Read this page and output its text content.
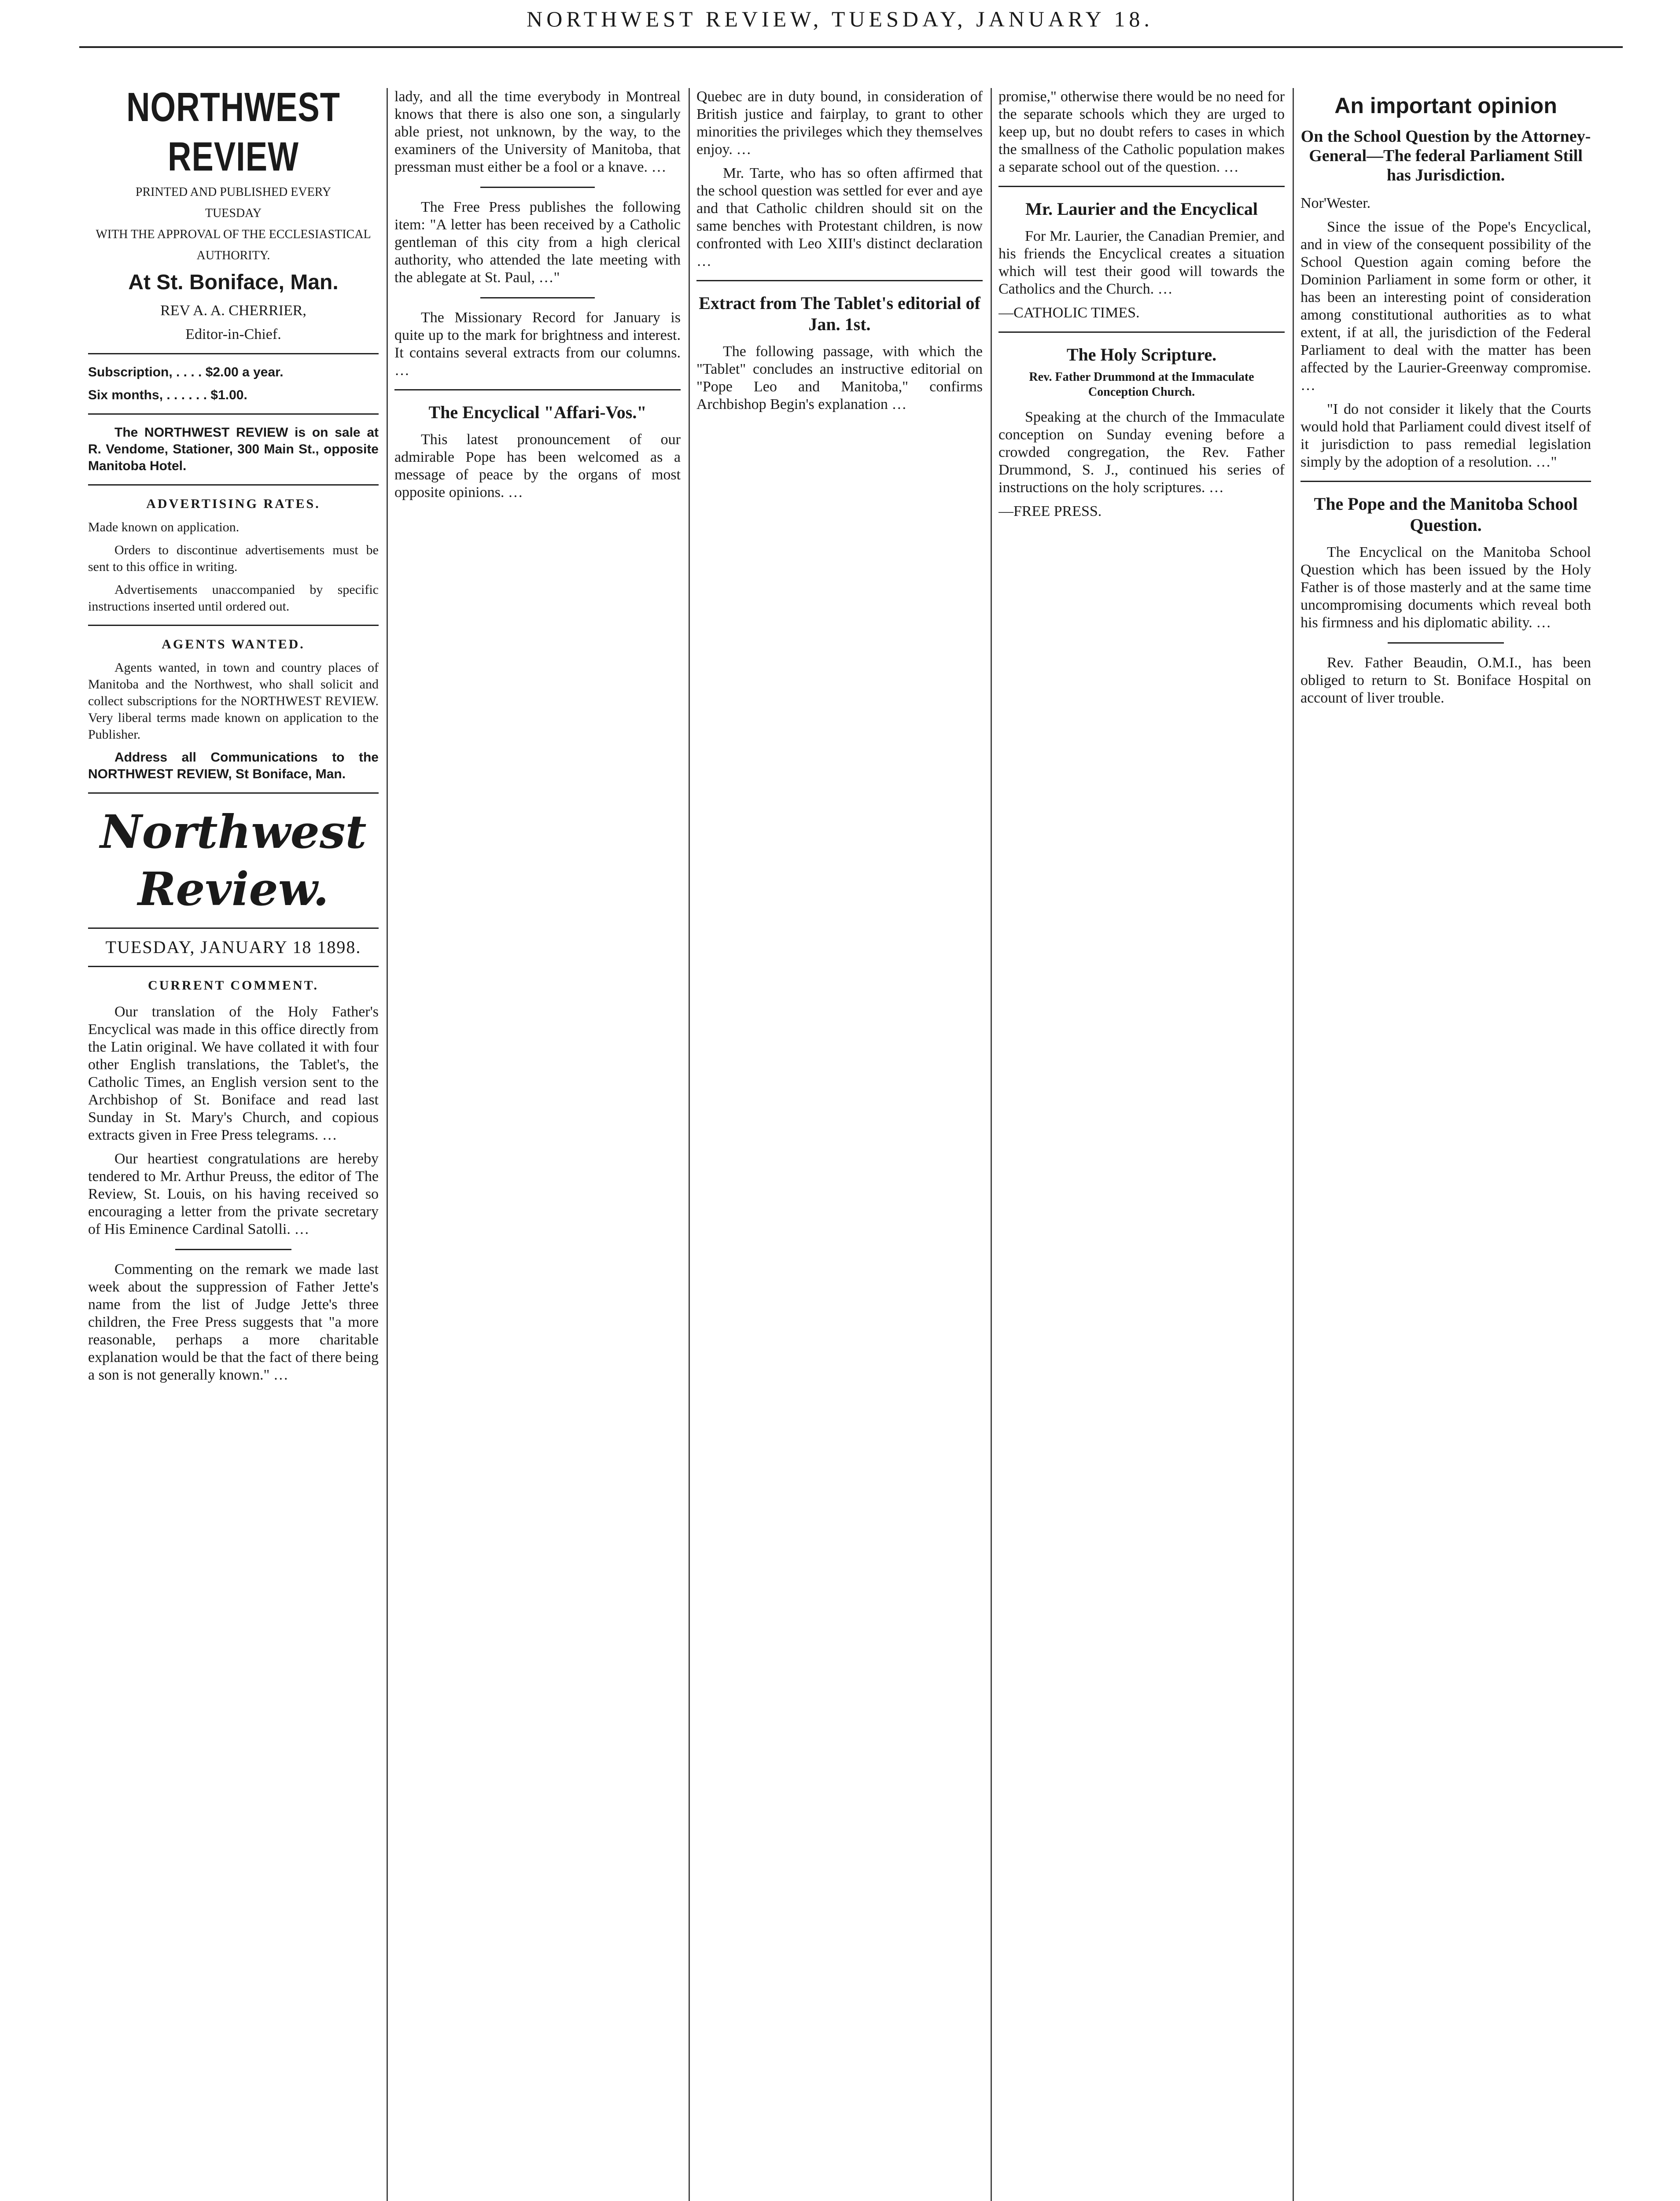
NORTHWEST REVIEW, TUESDAY, JANUARY 18.
NORTHWEST REVIEW

PRINTED AND PUBLISHED EVERY

TUESDAY

WITH THE APPROVAL OF THE ECCLESIASTICAL

AUTHORITY.

At St. Boniface, Man.

REV A. A. CHERRIER,

Editor-in-Chief.

Subscription, . . . . $2.00 a year.

Six months, . . . . . . $1.00.

The NORTHWEST REVIEW is on sale at R. Vendome, Stationer, 300 Main St., opposite Manitoba Hotel.

ADVERTISING RATES.

Made known on application.

Orders to discontinue advertisements must be sent to this office in writing.

Advertisements unaccompanied by specific instructions inserted until ordered out.

AGENTS WANTED.

Agents wanted, in town and country places of Manitoba and the Northwest, who shall solicit and collect subscriptions for the NORTHWEST REVIEW. Very liberal terms made known on application to the Publisher.

Address all Communications to the NORTHWEST REVIEW, St Boniface, Man.

Northwest Review.
TUESDAY, JANUARY 18 1898.
CURRENT COMMENT.

Our translation of the Holy Father's Encyclical was made in this office directly from the Latin original. We have collated it with four other English translations, the Tablet's, the Catholic Times, an English version sent to the Archbishop of St. Boniface and read last Sunday in St. Mary's Church, and copious extracts given in Free Press telegrams. …

Our heartiest congratulations are hereby tendered to Mr. Arthur Preuss, the editor of The Review, St. Louis, on his having received so encouraging a letter from the private secretary of His Eminence Cardinal Satolli. …

Commenting on the remark we made last week about the suppression of Father Jette's name from the list of Judge Jette's three children, the Free Press suggests that "a more reasonable, perhaps a more charitable explanation would be that the fact of there being a son is not generally known." …

lady, and all the time everybody in Montreal knows that there is also one son, a singularly able priest, not unknown, by the way, to the examiners of the University of Manitoba, that pressman must either be a fool or a knave. …

The Free Press publishes the following item: "A letter has been received by a Catholic gentleman of this city from a high clerical authority, who attended the late meeting with the ablegate at St. Paul, …"

The Missionary Record for January is quite up to the mark for brightness and interest. It contains several extracts from our columns. …

The Encyclical "Affari-Vos."

This latest pronouncement of our admirable Pope has been welcomed as a message of peace by the organs of most opposite opinions. …

Quebec are in duty bound, in consideration of British justice and fairplay, to grant to other minorities the privileges which they themselves enjoy. …

Mr. Tarte, who has so often affirmed that the school question was settled for ever and aye and that Catholic children should sit on the same benches with Protestant children, is now confronted with Leo XIII's distinct declaration …

Extract from The Tablet's editorial of Jan. 1st.

The following passage, with which the "Tablet" concludes an instructive editorial on "Pope Leo and Manitoba," confirms Archbishop Begin's explanation …

promise," otherwise there would be no need for the separate schools which they are urged to keep up, but no doubt refers to cases in which the smallness of the Catholic population makes a separate school out of the question. …

Mr. Laurier and the Encyclical

For Mr. Laurier, the Canadian Premier, and his friends the Encyclical creates a situation which will test their good will towards the Catholics and the Church. …

—CATHOLIC TIMES.

The Holy Scripture.
Rev. Father Drummond at the Immaculate Conception Church.

Speaking at the church of the Immaculate conception on Sunday evening before a crowded congregation, the Rev. Father Drummond, S. J., continued his series of instructions on the holy scriptures. …

—FREE PRESS.

An important opinion
On the School Question by the Attorney-General—The federal Parliament Still has Jurisdiction.

Nor'Wester.

Since the issue of the Pope's Encyclical, and in view of the consequent possibility of the School Question again coming before the Dominion Parliament in some form or other, it has been an interesting point of consideration among constitutional authorities as to what extent, if at all, the jurisdiction of the Federal Parliament to deal with the matter has been affected by the Laurier-Greenway compromise. …

"I do not consider it likely that the Courts would hold that Parliament could divest itself of it jurisdiction to pass remedial legislation simply by the adoption of a resolution. …"

The Pope and the Manitoba School Question.

The Encyclical on the Manitoba School Question which has been issued by the Holy Father is of those masterly and at the same time uncompromising documents which reveal both his firmness and his diplomatic ability. …

Rev. Father Beaudin, O.M.I., has been obliged to return to St. Boniface Hospital on account of liver trouble.
